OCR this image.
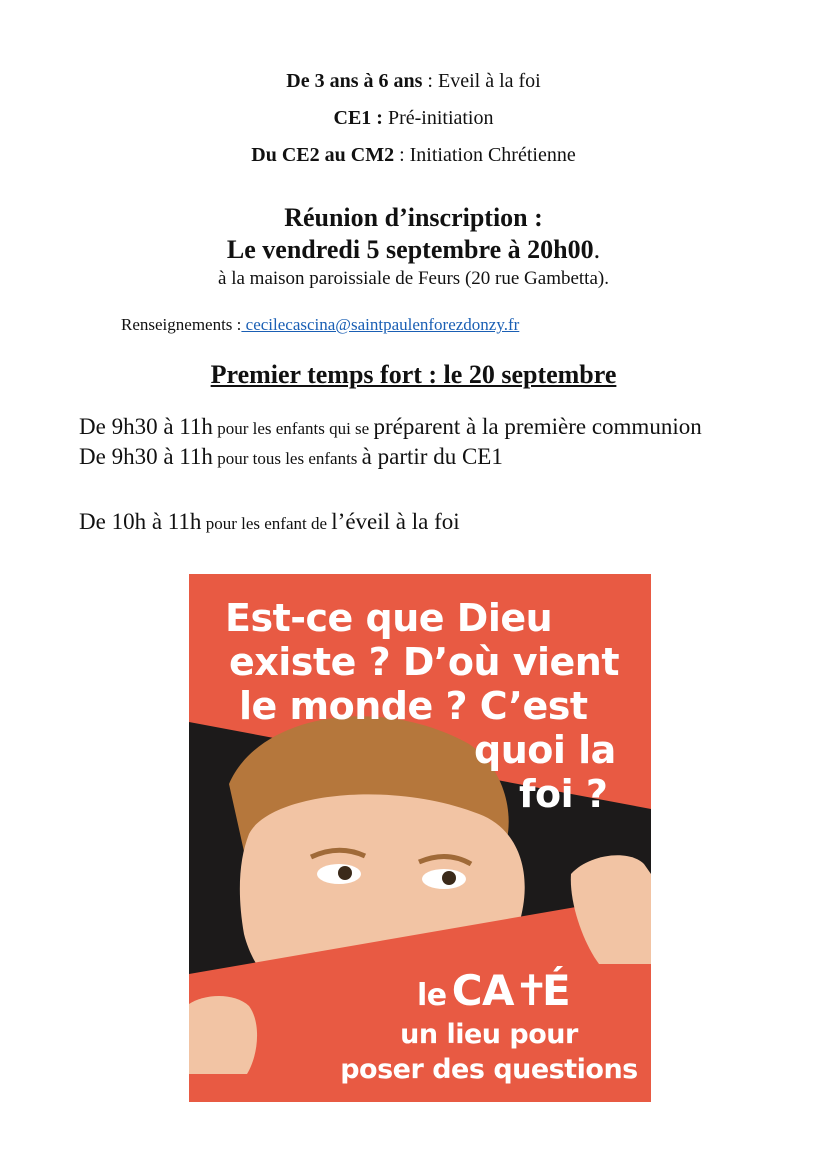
De 3 ans à 6 ans : Eveil à la foi
CE1 : Pré-initiation
Du CE2 au CM2 : Initiation Chrétienne
Réunion d’inscription :
Le vendredi 5 septembre à 20h00.
à la maison paroissiale de Feurs (20 rue Gambetta).
Renseignements : cecilecascina@saintpaulenforezdonzy.fr
Premier temps fort : le 20 septembre
De 9h30 à 11h pour les enfants qui se préparent à la première communion
De 9h30 à 11h pour tous les enfants à partir du CE1
De 10h à 11h pour les enfant de l’éveil à la foi
Est-ce que Dieu
existe ? D’où vient
le monde ? C’est
quoi la
foi ?
le CA✝É
un lieu pour
poser des questions
